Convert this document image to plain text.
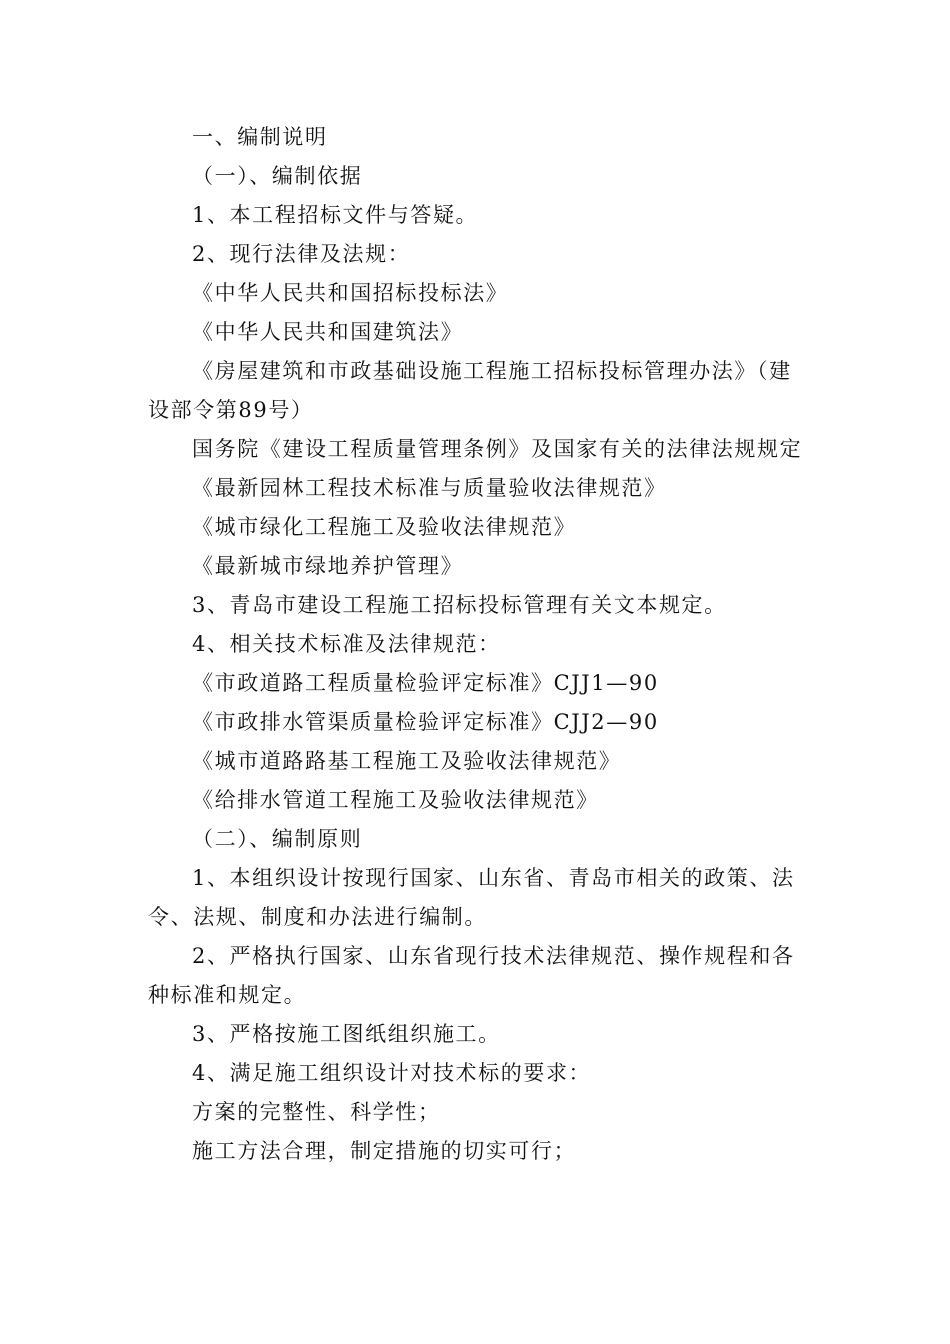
一、编制说明
（一）、编制依据
1、本工程招标文件与答疑。
2、现行法律及法规：
《中华人民共和国招标投标法》
《中华人民共和国建筑法》
《房屋建筑和市政基础设施工程施工招标投标管理办法》（建设部令第89号）
国务院《建设工程质量管理条例》及国家有关的法律法规规定
《最新园林工程技术标准与质量验收法律规范》
《城市绿化工程施工及验收法律规范》
《最新城市绿地养护管理》
3、青岛市建设工程施工招标投标管理有关文本规定。
4、相关技术标准及法律规范：
《市政道路工程质量检验评定标准》CJJ1—90
《市政排水管渠质量检验评定标准》CJJ2—90
《城市道路路基工程施工及验收法律规范》
《给排水管道工程施工及验收法律规范》
（二）、编制原则
1、本组织设计按现行国家、山东省、青岛市相关的政策、法令、法规、制度和办法进行编制。
2、严格执行国家、山东省现行技术法律规范、操作规程和各种标准和规定。
3、严格按施工图纸组织施工。
4、满足施工组织设计对技术标的要求：
方案的完整性、科学性；
施工方法合理，制定措施的切实可行；
